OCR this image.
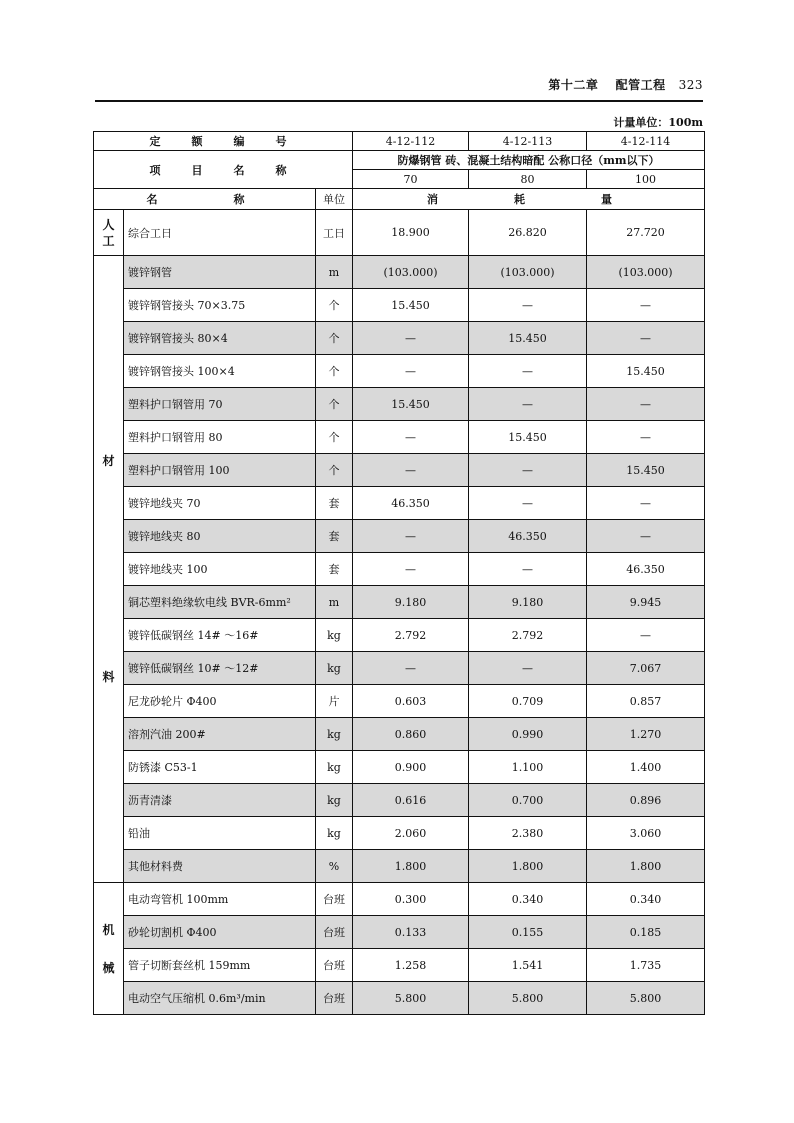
第十二章 配管工程 323
计量单位：100m
定　额　编　号			4-12-112	4-12-113	4-12-114
项　目　名　称			防爆钢管 砖、混凝土结构暗配 公称口径（mm以下）		
			70	80	100
名　　称		单位	消　　耗　　量		

人
工	综合工日	工日	18.900	26.820	27.720

材
料	镀锌钢管	m	(103.000)	(103.000)	(103.000)
	镀锌钢管接头 70×3.75	个	15.450	—	—
	镀锌钢管接头 80×4	个	—	15.450	—
	镀锌钢管接头 100×4	个	—	—	15.450
	塑料护口钢管用 70	个	15.450	—	—
	塑料护口钢管用 80	个	—	15.450	—
	塑料护口钢管用 100	个	—	—	15.450
	镀锌地线夹 70	套	46.350	—	—
	镀锌地线夹 80	套	—	46.350	—
	镀锌地线夹 100	套	—	—	46.350
	铜芯塑料绝缘软电线 BVR-6mm²	m	9.180	9.180	9.945
	镀锌低碳钢丝 14# ～16#	kg	2.792	2.792	—
	镀锌低碳钢丝 10# ～12#	kg	—	—	7.067
	尼龙砂轮片 Φ400	片	0.603	0.709	0.857
	溶剂汽油 200#	kg	0.860	0.990	1.270
	防锈漆 C53-1	kg	0.900	1.100	1.400
	沥青清漆	kg	0.616	0.700	0.896
	铅油	kg	2.060	2.380	3.060
	其他材料费	%	1.800	1.800	1.800

机
械	电动弯管机 100mm	台班	0.300	0.340	0.340
	砂轮切割机 Φ400	台班	0.133	0.155	0.185
	管子切断套丝机 159mm	台班	1.258	1.541	1.735
	电动空气压缩机 0.6m³/min	台班	5.800	5.800	5.800
